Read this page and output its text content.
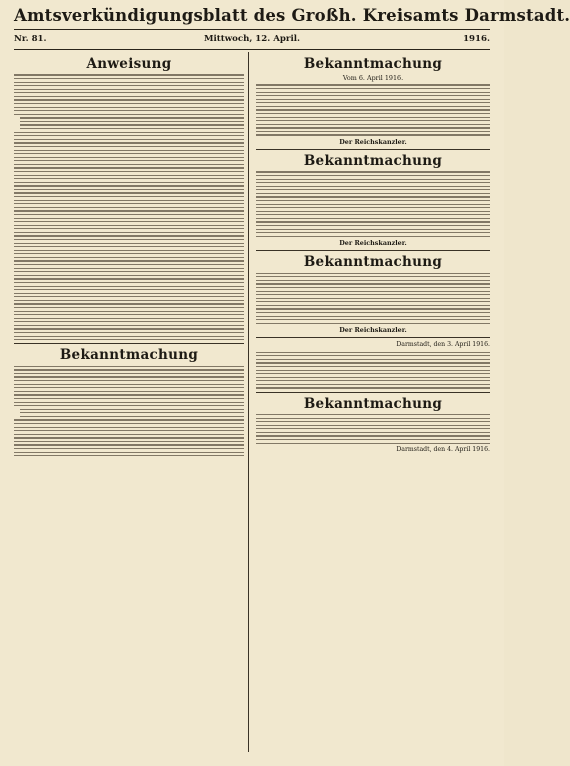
Amtsverkündigungsblatt des Großh. Kreisamts Darmstadt.
Nr. 81.	Mittwoch, 12. April.	1916.
Anweisung
Bekanntmachung
Bekanntmachung
Vom 6. April 1916.
Der Reichskanzler.
Bekanntmachung
Der Reichskanzler.
Bekanntmachung
Der Reichskanzler.
Darmstadt, den 3. April 1916.
Bekanntmachung
Darmstadt, den 4. April 1916.
